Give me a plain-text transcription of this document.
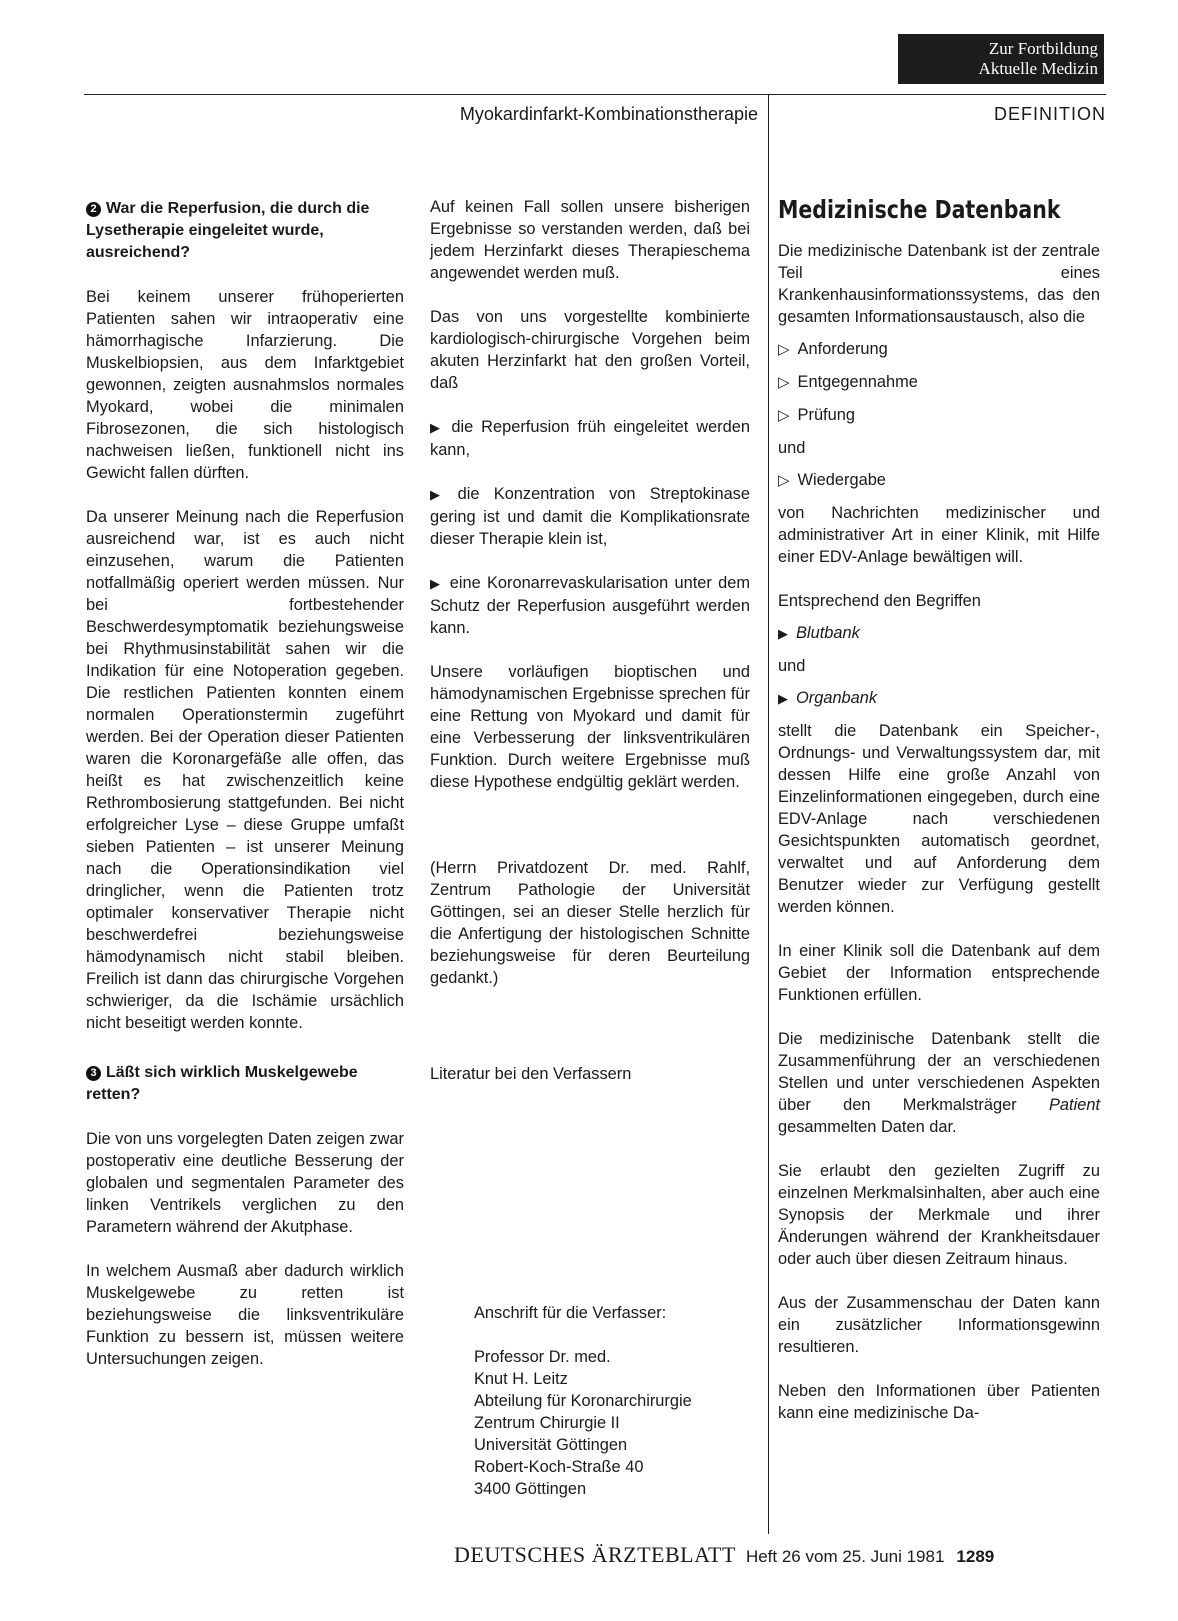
Zur Fortbildung
Aktuelle Medizin
Myokardinfarkt-Kombinationstherapie	DEFINITION
2 War die Reperfusion, die durch die Lysetherapie eingeleitet wurde, ausreichend?

Bei keinem unserer frühoperierten Patienten sahen wir intraoperativ eine hämorrhagische Infarzierung. Die Muskelbiopsien, aus dem Infarktgebiet gewonnen, zeigten ausnahmslos normales Myokard, wobei die minimalen Fibrosezonen, die sich histologisch nachweisen ließen, funktionell nicht ins Gewicht fallen dürften.

Da unserer Meinung nach die Reperfusion ausreichend war, ist es auch nicht einzusehen, warum die Patienten notfallmäßig operiert werden müssen. Nur bei fortbestehender Beschwerdesymptomatik beziehungsweise bei Rhythmusinstabilität sahen wir die Indikation für eine Notoperation gegeben. Die restlichen Patienten konnten einem normalen Operationstermin zugeführt werden. Bei der Operation dieser Patienten waren die Koronargefäße alle offen, das heißt es hat zwischenzeitlich keine Rethrombosierung stattgefunden. Bei nicht erfolgreicher Lyse – diese Gruppe umfaßt sieben Patienten – ist unserer Meinung nach die Operationsindikation viel dringlicher, wenn die Patienten trotz optimaler konservativer Therapie nicht beschwerdefrei beziehungsweise hämodynamisch nicht stabil bleiben. Freilich ist dann das chirurgische Vorgehen schwieriger, da die Ischämie ursächlich nicht beseitigt werden konnte.

3 Läßt sich wirklich Muskelgewebe retten?

Die von uns vorgelegten Daten zeigen zwar postoperativ eine deutliche Besserung der globalen und segmentalen Parameter des linken Ventrikels verglichen zu den Parametern während der Akutphase.

In welchem Ausmaß aber dadurch wirklich Muskelgewebe zu retten ist beziehungsweise die linksventrikuläre Funktion zu bessern ist, müssen weitere Untersuchungen zeigen.

Auf keinen Fall sollen unsere bisherigen Ergebnisse so verstanden werden, daß bei jedem Herzinfarkt dieses Therapieschema angewendet werden muß.

Das von uns vorgestellte kombinierte kardiologisch-chirurgische Vorgehen beim akuten Herzinfarkt hat den großen Vorteil, daß

▶ die Reperfusion früh eingeleitet werden kann,

▶ die Konzentration von Streptokinase gering ist und damit die Komplikationsrate dieser Therapie klein ist,

▶ eine Koronarrevaskularisation unter dem Schutz der Reperfusion ausgeführt werden kann.

Unsere vorläufigen bioptischen und hämodynamischen Ergebnisse sprechen für eine Rettung von Myokard und damit für eine Verbesserung der linksventrikulären Funktion. Durch weitere Ergebnisse muß diese Hypothese endgültig geklärt werden.

(Herrn Privatdozent Dr. med. Rahlf, Zentrum Pathologie der Universität Göttingen, sei an dieser Stelle herzlich für die Anfertigung der histologischen Schnitte beziehungsweise für deren Beurteilung gedankt.)

Literatur bei den Verfassern

Anschrift für die Verfasser:
Professor Dr. med.
Knut H. Leitz
Abteilung für Koronarchirurgie
Zentrum Chirurgie II
Universität Göttingen
Robert-Koch-Straße 40
3400 Göttingen
Medizinische Datenbank

Die medizinische Datenbank ist der zentrale Teil eines Krankenhausinformationssystems, das den gesamten Informationsaustausch, also die

▷ Anforderung
▷ Entgegennahme
▷ Prüfung
und
▷ Wiedergabe

von Nachrichten medizinischer und administrativer Art in einer Klinik, mit Hilfe einer EDV-Anlage bewältigen will.

Entsprechend den Begriffen

▶ Blutbank
und
▶ Organbank

stellt die Datenbank ein Speicher-, Ordnungs- und Verwaltungssystem dar, mit dessen Hilfe eine große Anzahl von Einzelinformationen eingegeben, durch eine EDV-Anlage nach verschiedenen Gesichtspunkten automatisch geordnet, verwaltet und auf Anforderung dem Benutzer wieder zur Verfügung gestellt werden können.

In einer Klinik soll die Datenbank auf dem Gebiet der Information entsprechende Funktionen erfüllen.

Die medizinische Datenbank stellt die Zusammenführung der an verschiedenen Stellen und unter verschiedenen Aspekten über den Merkmalsträger Patient gesammelten Daten dar.

Sie erlaubt den gezielten Zugriff zu einzelnen Merkmalsinhalten, aber auch eine Synopsis der Merkmale und ihrer Änderungen während der Krankheitsdauer oder auch über diesen Zeitraum hinaus.

Aus der Zusammenschau der Daten kann ein zusätzlicher Informationsgewinn resultieren.

Neben den Informationen über Patienten kann eine medizinische Da-

DEUTSCHES ÄRZTEBLATT Heft 26 vom 25. Juni 1981 1289
